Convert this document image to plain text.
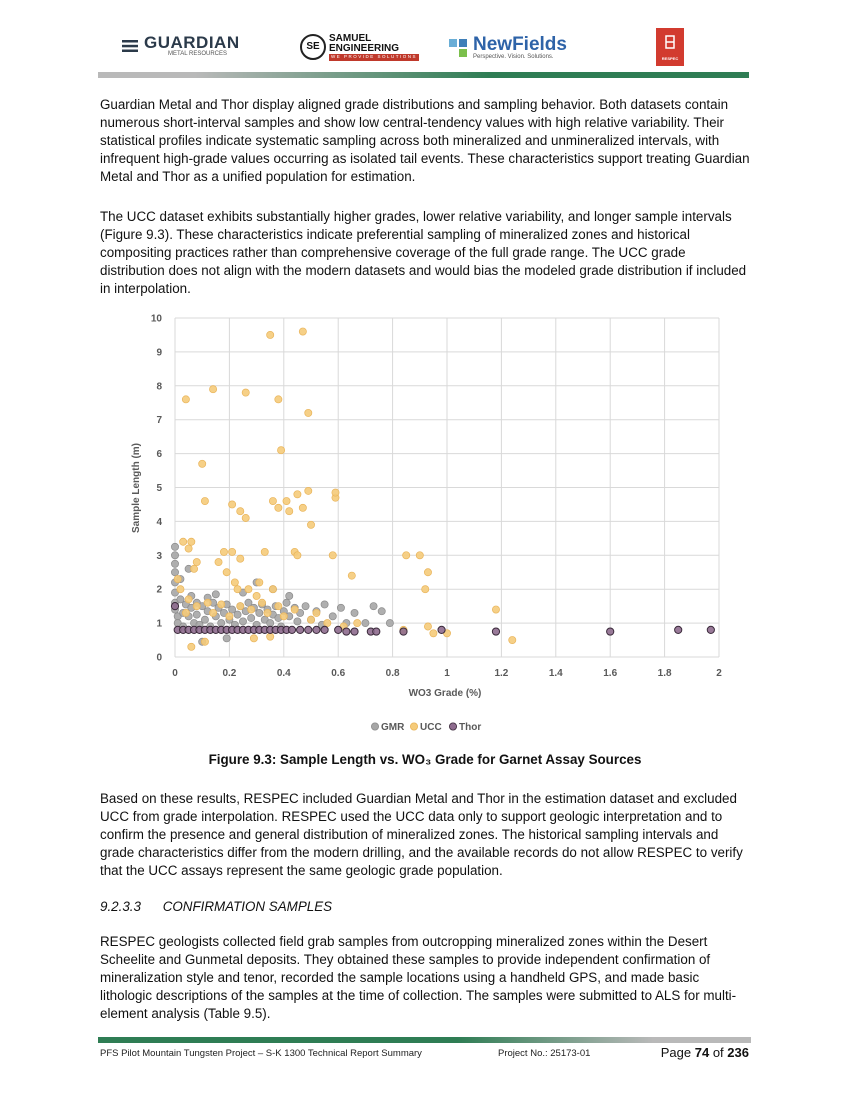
GUARDIAN
METAL RESOURCES
SE
SAMUEL
ENGINEERING
WE PROVIDE SOLUTIONS
NewFields
Perspective. Vision. Solutions.	RESPEC

Guardian Metal and Thor display aligned grade distributions and sampling behavior. Both datasets contain numerous short-interval samples and show low central-tendency values with high relative variability. Their statistical profiles indicate systematic sampling across both mineralized and unmineralized intervals, with infrequent high-grade values occurring as isolated tail events. These characteristics support treating Guardian Metal and Thor as a unified population for estimation.

The UCC dataset exhibits substantially higher grades, lower relative variability, and longer sample intervals (Figure 9.3). These characteristics indicate preferential sampling of mineralized zones and historical compositing practices rather than comprehensive coverage of the full grade range. The UCC grade distribution does not align with the modern datasets and would bias the modeled grade distribution if included in interpolation.

0
1
2
3
4
5
6
7
8
9
10
0	0.2	0.4	0.6	0.8	1	1.2	1.4	1.6	1.8	2
Sample Length (m)
WO3 Grade (%)
GMR UCC Thor
Figure 9.3: Sample Length vs. WO₃ Grade for Garnet Assay Sources

Based on these results, RESPEC included Guardian Metal and Thor in the estimation dataset and excluded UCC from grade interpolation. RESPEC used the UCC data only to support geologic interpretation and to confirm the presence and general distribution of mineralized zones. The historical sampling intervals and grade characteristics differ from the modern drilling, and the available records do not allow RESPEC to verify that the UCC assays represent the same geologic grade population.

9.2.3.3 CONFIRMATION SAMPLES

RESPEC geologists collected field grab samples from outcropping mineralized zones within the Desert Scheelite and Gunmetal deposits. They obtained these samples to provide independent confirmation of mineralization style and tenor, recorded the sample locations using a handheld GPS, and made basic lithologic descriptions of the samples at the time of collection. The samples were submitted to ALS for multi-element analysis (Table 9.5).

PFS Pilot Mountain Tungsten Project – S-K 1300 Technical Report Summary	Project No.: 25173-01	Page 74 of 236
